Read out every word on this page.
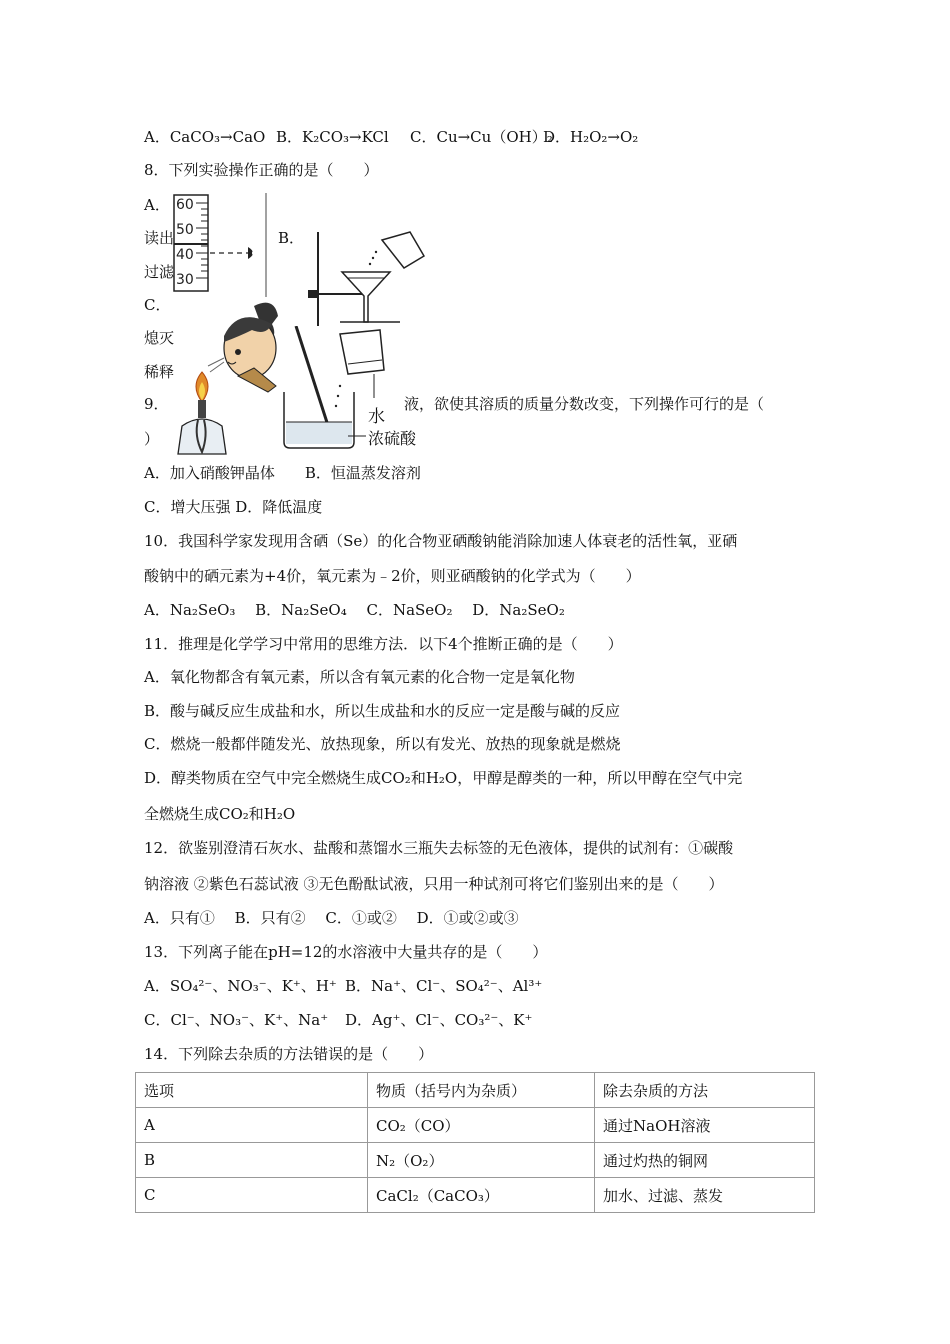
A．CaCO₃→CaO B．K₂CO₃→KCl C．Cu→Cu（OH）₂
D．H₂O₂→O₂
8．下列实验操作正确的是（　　）
A．
读出
过滤
B．
C．
熄灭
稀释
60
50
40
30
水
浓硫酸
9．	液，欲使其溶质的质量分数改变，下列操作可行的是（
）
A．加入硝酸钾晶体　　B．恒温蒸发溶剂
C．增大压强 D．降低温度
10．我国科学家发现用含硒（Se）的化合物亚硒酸钠能消除加速人体衰老的活性氧，亚硒
酸钠中的硒元素为+4价，氧元素为﹣2价，则亚硒酸钠的化学式为（　　）
A．Na₂SeO₃　 B．Na₂SeO₄　 C．NaSeO₂　 D．Na₂SeO₂
11．推理是化学学习中常用的思维方法．以下4个推断正确的是（　　）
A．氧化物都含有氧元素，所以含有氧元素的化合物一定是氧化物
B．酸与碱反应生成盐和水，所以生成盐和水的反应一定是酸与碱的反应
C．燃烧一般都伴随发光、放热现象，所以有发光、放热的现象就是燃烧
D．醇类物质在空气中完全燃烧生成CO₂和H₂O，甲醇是醇类的一种，所以甲醇在空气中完
全燃烧生成CO₂和H₂O
12．欲鉴别澄清石灰水、盐酸和蒸馏水三瓶失去标签的无色液体，提供的试剂有：①碳酸
钠溶液 ②紫色石蕊试液 ③无色酚酞试液，只用一种试剂可将它们鉴别出来的是（　　）
A．只有①　 B．只有②　 C．①或②　 D．①或②或③
13．下列离子能在pH=12的水溶液中大量共存的是（　　）
A．SO₄²⁻、NO₃⁻、K⁺、H⁺ B．Na⁺、Cl⁻、SO₄²⁻、Al³⁺
C．Cl⁻、NO₃⁻、K⁺、Na⁺ D．Ag⁺、Cl⁻、CO₃²⁻、K⁺
14．下列除去杂质的方法错误的是（　　）
选项	物质（括号内为杂质）	除去杂质的方法
A	CO₂（CO）	通过NaOH溶液
B	N₂（O₂）	通过灼热的铜网
C	CaCl₂（CaCO₃）	加水、过滤、蒸发
